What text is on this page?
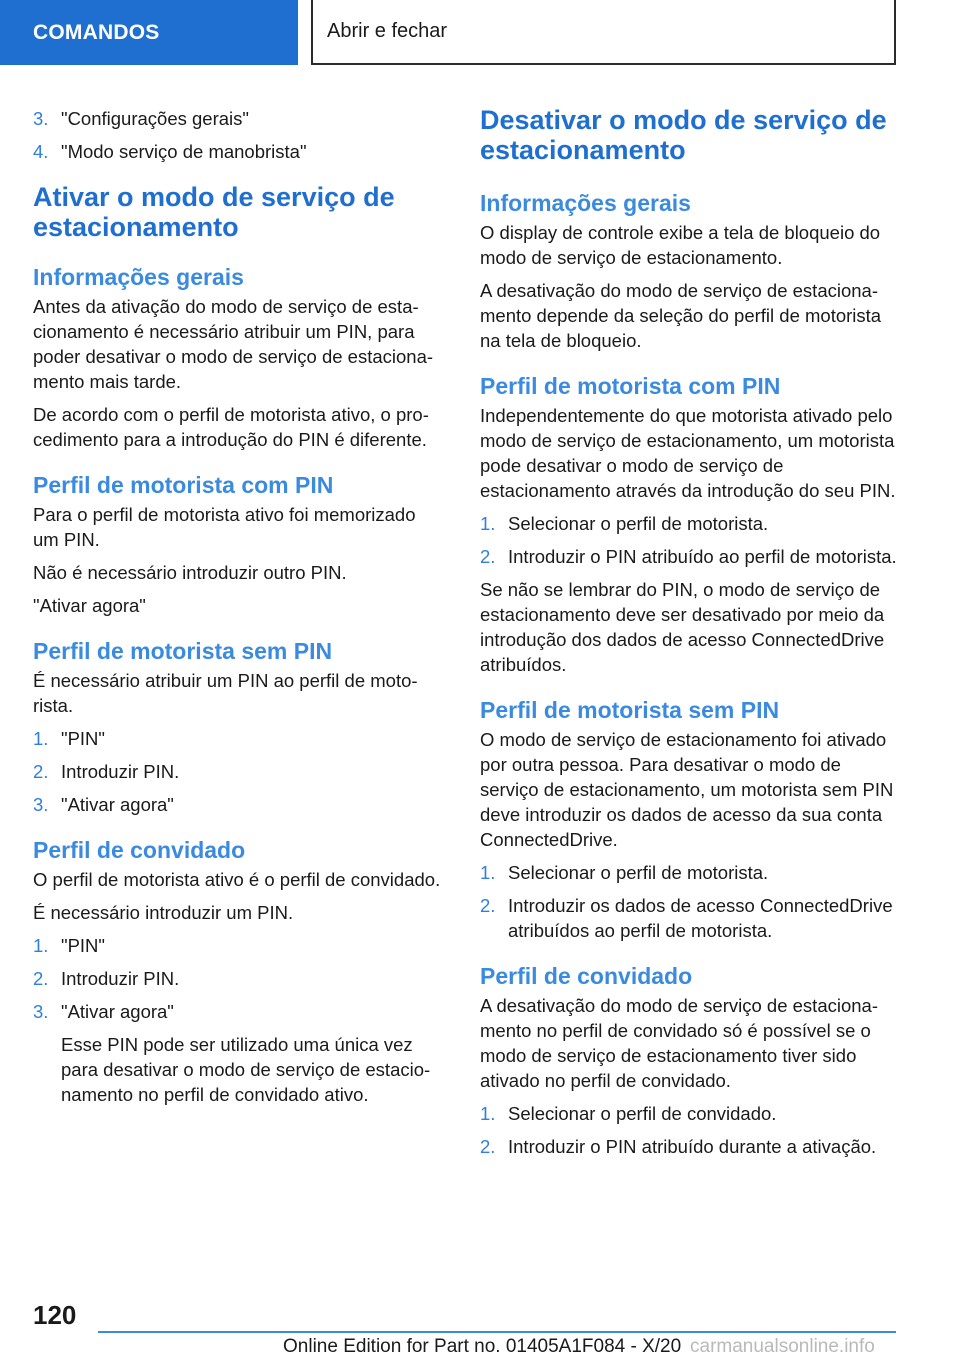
COMANDOS	Abrir e fechar
3. "Configurações gerais"
4. "Modo serviço de manobrista"
Ativar o modo de serviço de estacionamento
Informações gerais

Antes da ativação do modo de serviço de estacionamento é necessário atribuir um PIN, para poder desativar o modo de serviço de estacionamento mais tarde.

De acordo com o perfil de motorista ativo, o procedimento para a introdução do PIN é diferente.

Perfil de motorista com PIN

Para o perfil de motorista ativo foi memorizado um PIN.

Não é necessário introduzir outro PIN.

"Ativar agora"

Perfil de motorista sem PIN

É necessário atribuir um PIN ao perfil de motorista.

1. "PIN"
2. Introduzir PIN.
3. "Ativar agora"
Perfil de convidado

O perfil de motorista ativo é o perfil de convidado.

É necessário introduzir um PIN.

1. "PIN"
2. Introduzir PIN.
3. "Ativar agora"
Esse PIN pode ser utilizado uma única vez para desativar o modo de serviço de estacionamento no perfil de convidado ativo.
Desativar o modo de serviço de estacionamento
Informações gerais

O display de controle exibe a tela de bloqueio do modo de serviço de estacionamento.

A desativação do modo de serviço de estacionamento depende da seleção do perfil de motorista na tela de bloqueio.

Perfil de motorista com PIN

Independentemente do que motorista ativado pelo modo de serviço de estacionamento, um motorista pode desativar o modo de serviço de estacionamento através da introdução do seu PIN.

1. Selecionar o perfil de motorista.
2. Introduzir o PIN atribuído ao perfil de motorista.

Se não se lembrar do PIN, o modo de serviço de estacionamento deve ser desativado por meio da introdução dos dados de acesso ConnectedDrive atribuídos.

Perfil de motorista sem PIN

O modo de serviço de estacionamento foi ativado por outra pessoa. Para desativar o modo de serviço de estacionamento, um motorista sem PIN deve introduzir os dados de acesso da sua conta ConnectedDrive.

1. Selecionar o perfil de motorista.
2. Introduzir os dados de acesso ConnectedDrive atribuídos ao perfil de motorista.
Perfil de convidado

A desativação do modo de serviço de estacionamento no perfil de convidado só é possível se o modo de serviço de estacionamento tiver sido ativado no perfil de convidado.

1. Selecionar o perfil de convidado.
2. Introduzir o PIN atribuído durante a ativação.
120
Online Edition for Part no. 01405A1F084 - X/20 carmanualsonline.info
